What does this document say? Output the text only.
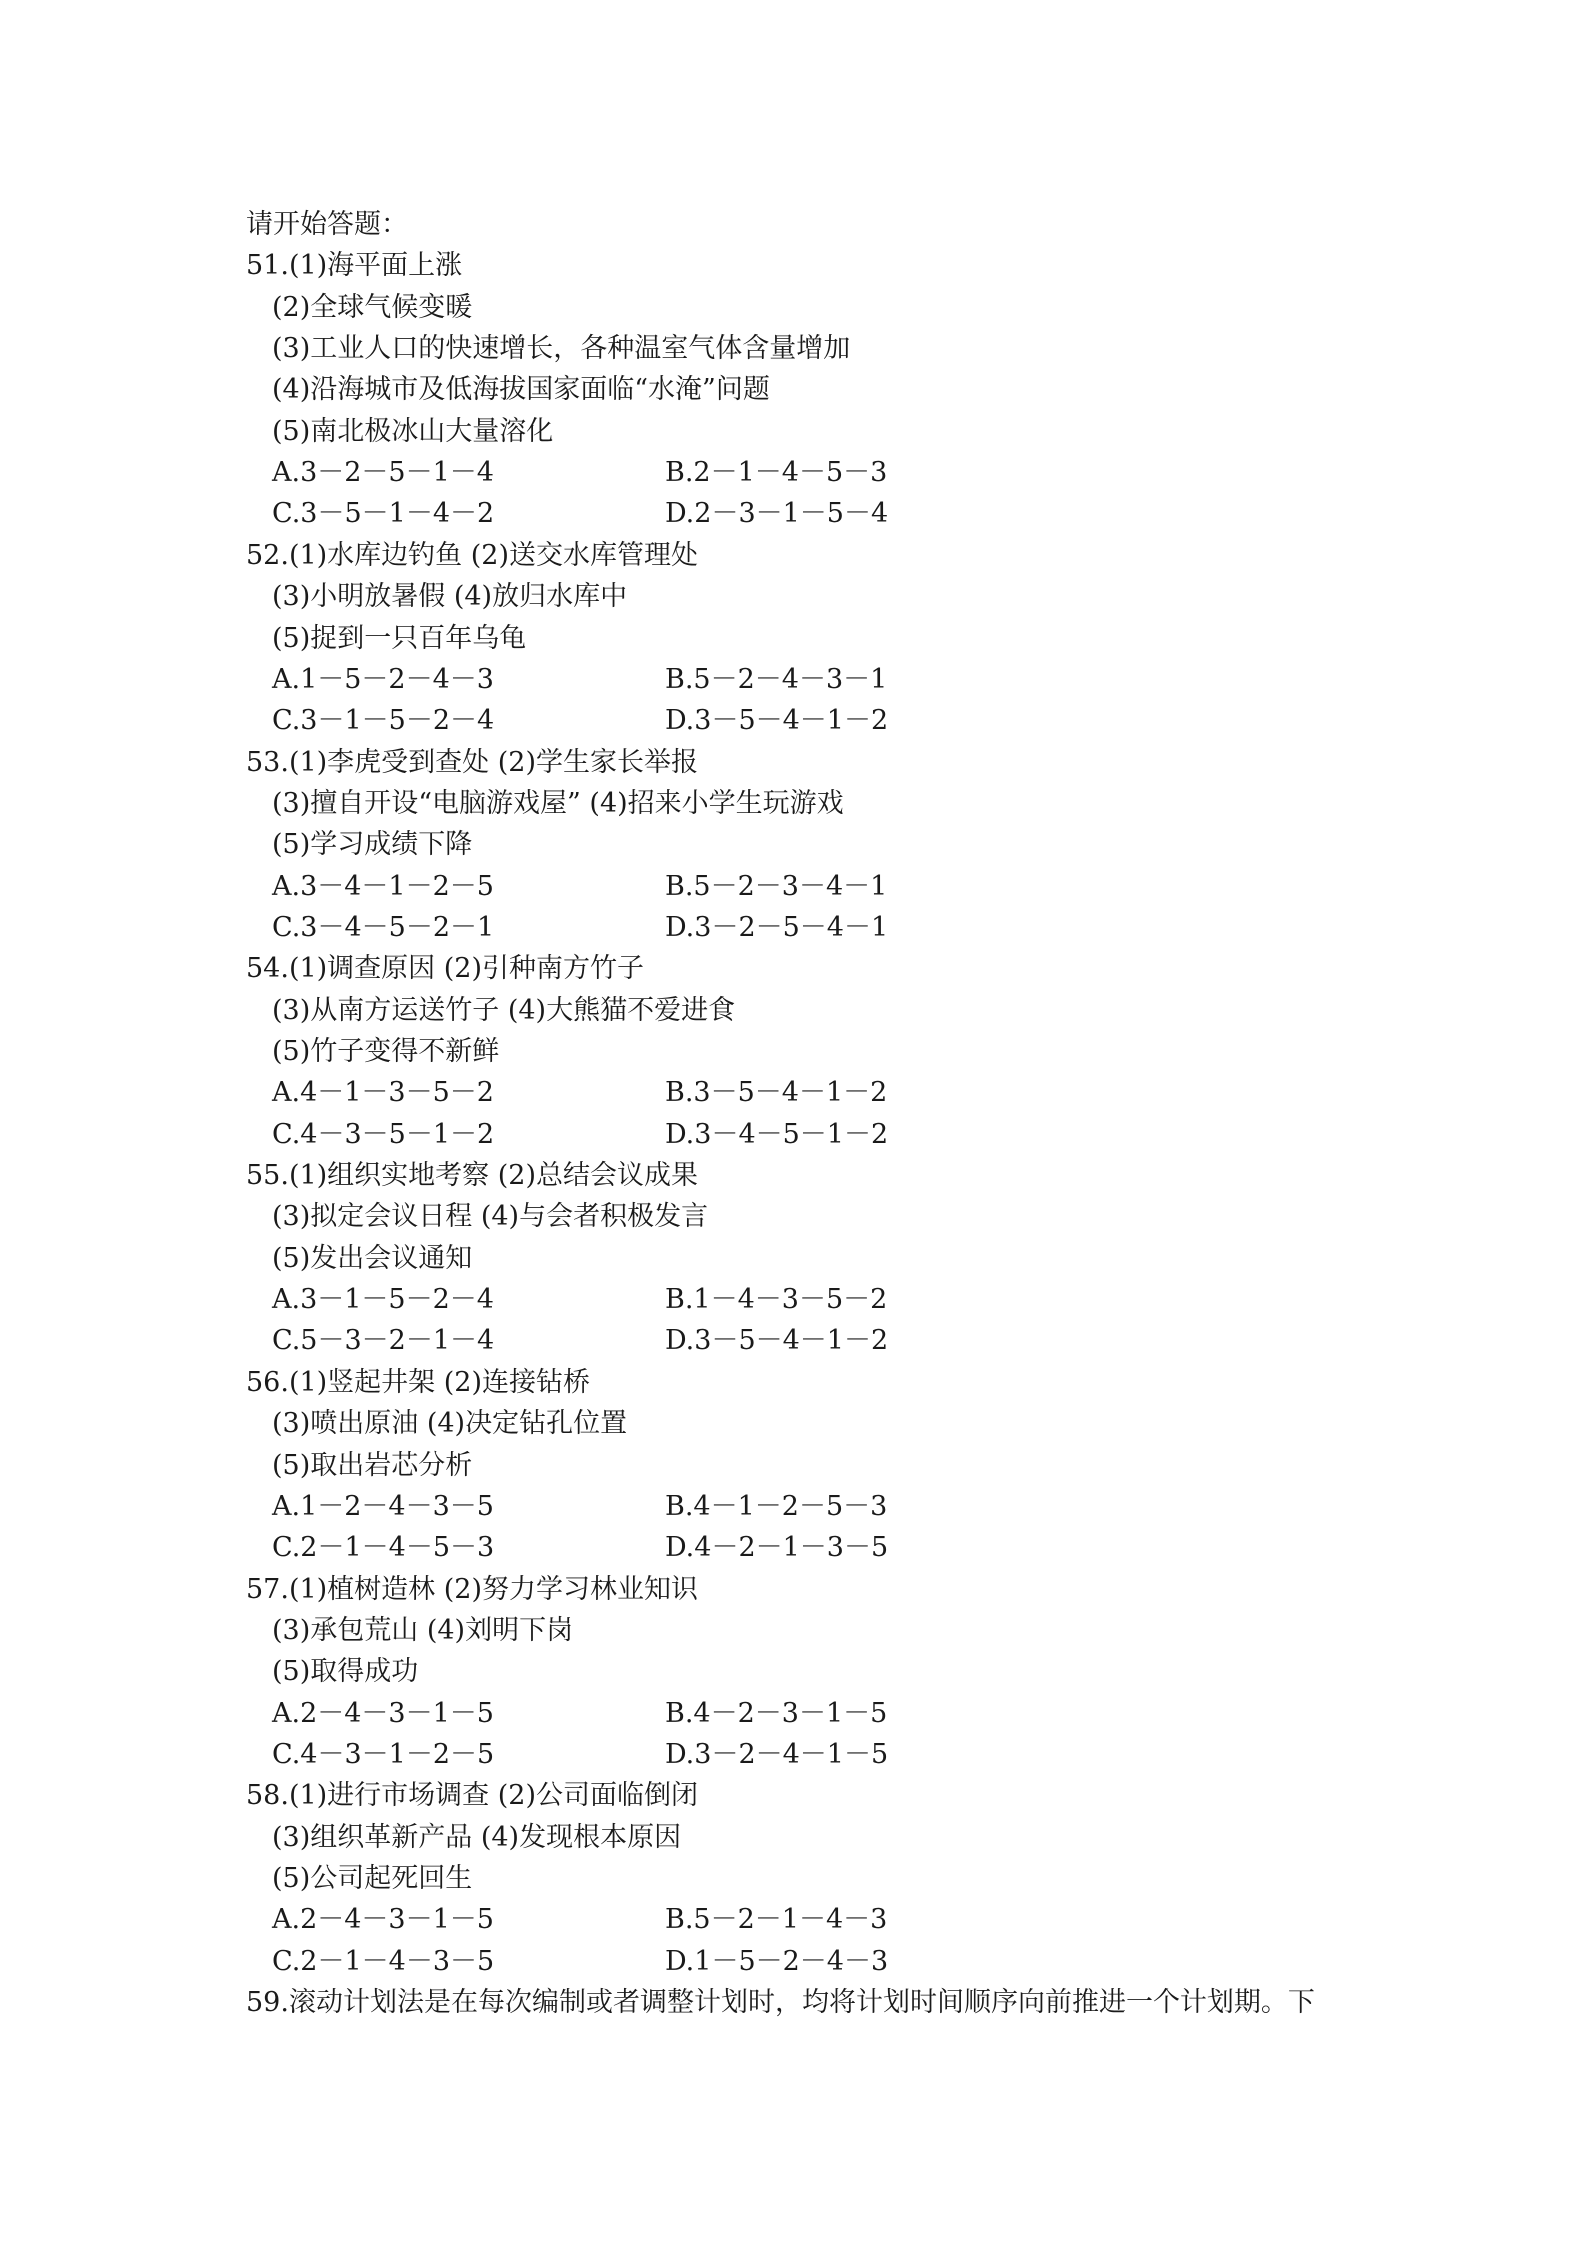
请开始答题：
51.(1)海平面上涨
(2)全球气候变暖
(3)工业人口的快速增长，各种温室气体含量增加
(4)沿海城市及低海拔国家面临“水淹”问题
(5)南北极冰山大量溶化
A.3－2－5－1－4	B.2－1－4－5－3
C.3－5－1－4－2	D.2－3－1－5－4
52.(1)水库边钓鱼 (2)送交水库管理处
(3)小明放暑假 (4)放归水库中
(5)捉到一只百年乌龟
A.1－5－2－4－3	B.5－2－4－3－1
C.3－1－5－2－4	D.3－5－4－1－2
53.(1)李虎受到查处 (2)学生家长举报
(3)擅自开设“电脑游戏屋” (4)招来小学生玩游戏
(5)学习成绩下降
A.3－4－1－2－5	B.5－2－3－4－1
C.3－4－5－2－1	D.3－2－5－4－1
54.(1)调查原因 (2)引种南方竹子
(3)从南方运送竹子 (4)大熊猫不爱进食
(5)竹子变得不新鲜
A.4－1－3－5－2	B.3－5－4－1－2
C.4－3－5－1－2	D.3－4－5－1－2
55.(1)组织实地考察 (2)总结会议成果
(3)拟定会议日程 (4)与会者积极发言
(5)发出会议通知
A.3－1－5－2－4	B.1－4－3－5－2
C.5－3－2－1－4	D.3－5－4－1－2
56.(1)竖起井架 (2)连接钻桥
(3)喷出原油 (4)决定钻孔位置
(5)取出岩芯分析
A.1－2－4－3－5	B.4－1－2－5－3
C.2－1－4－5－3	D.4－2－1－3－5
57.(1)植树造林 (2)努力学习林业知识
(3)承包荒山 (4)刘明下岗
(5)取得成功
A.2－4－3－1－5	B.4－2－3－1－5
C.4－3－1－2－5	D.3－2－4－1－5
58.(1)进行市场调查 (2)公司面临倒闭
(3)组织革新产品 (4)发现根本原因
(5)公司起死回生
A.2－4－3－1－5	B.5－2－1－4－3
C.2－1－4－3－5	D.1－5－2－4－3
59.滚动计划法是在每次编制或者调整计划时，均将计划时间顺序向前推进一个计划期。下
